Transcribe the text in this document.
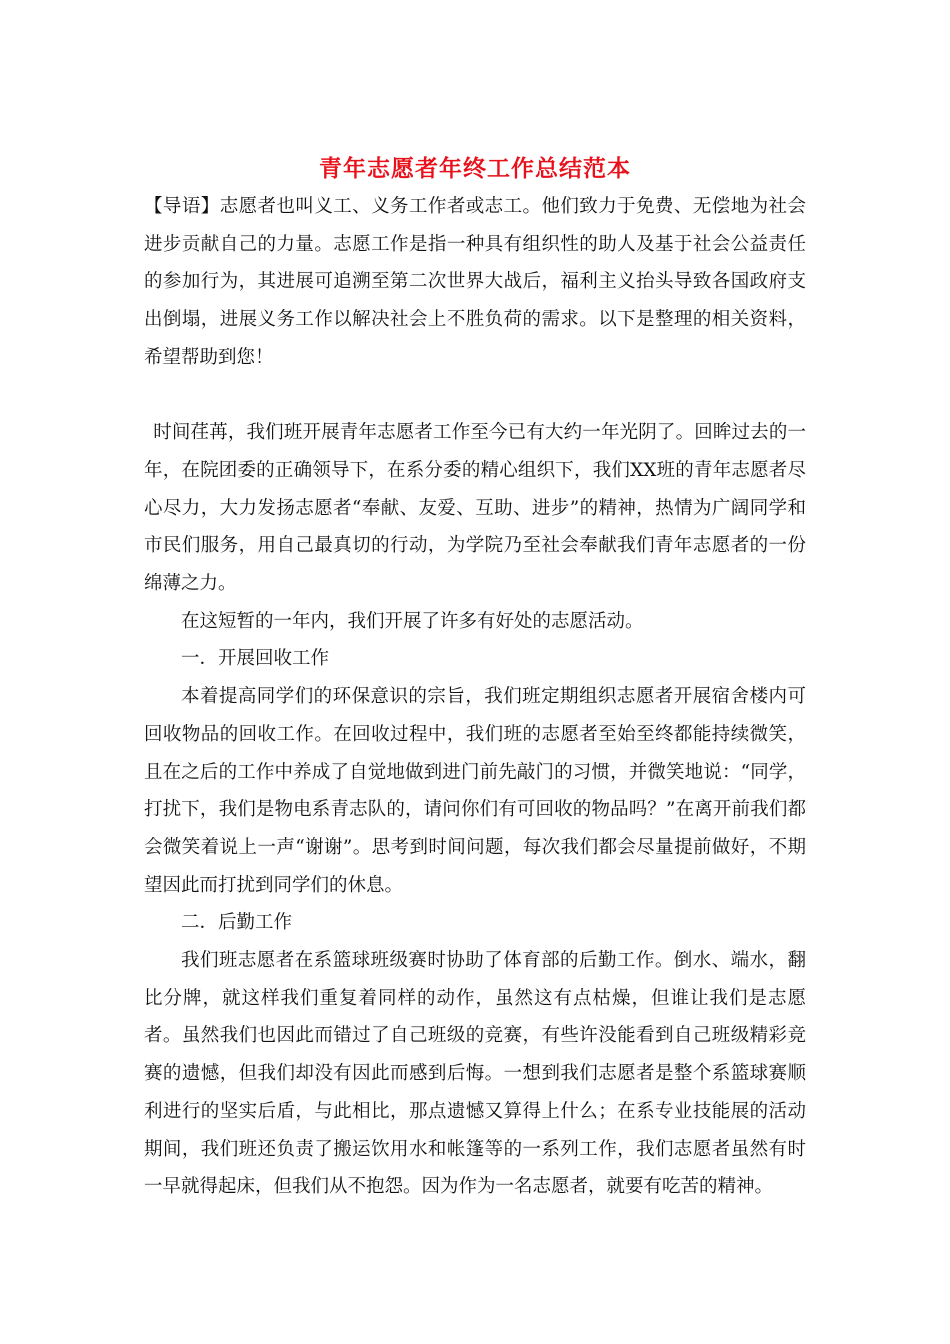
青年志愿者年终工作总结范本

【导语】志愿者也叫义工、义务工作者或志工。他们致力于免费、无偿地为社会进步贡献自己的力量。志愿工作是指一种具有组织性的助人及基于社会公益责任的参加行为，其进展可追溯至第二次世界大战后，福利主义抬头导致各国政府支出倒塌，进展义务工作以解决社会上不胜负荷的需求。以下是整理的相关资料，希望帮助到您！

时间荏苒，我们班开展青年志愿者工作至今已有大约一年光阴了。回眸过去的一年，在院团委的正确领导下，在系分委的精心组织下，我们XX班的青年志愿者尽心尽力，大力发扬志愿者“奉献、友爱、互助、进步”的精神，热情为广阔同学和市民们服务，用自己最真切的行动，为学院乃至社会奉献我们青年志愿者的一份绵薄之力。

在这短暂的一年内，我们开展了许多有好处的志愿活动。

一．开展回收工作

本着提高同学们的环保意识的宗旨，我们班定期组织志愿者开展宿舍楼内可回收物品的回收工作。在回收过程中，我们班的志愿者至始至终都能持续微笑，且在之后的工作中养成了自觉地做到进门前先敲门的习惯，并微笑地说：“同学，打扰下，我们是物电系青志队的，请问你们有可回收的物品吗？”在离开前我们都会微笑着说上一声“谢谢”。思考到时间问题，每次我们都会尽量提前做好，不期望因此而打扰到同学们的休息。

二．后勤工作

我们班志愿者在系篮球班级赛时协助了体育部的后勤工作。倒水、端水，翻比分牌，就这样我们重复着同样的动作，虽然这有点枯燥，但谁让我们是志愿者。虽然我们也因此而错过了自己班级的竞赛，有些许没能看到自己班级精彩竞赛的遗憾，但我们却没有因此而感到后悔。一想到我们志愿者是整个系篮球赛顺利进行的坚实后盾，与此相比，那点遗憾又算得上什么；在系专业技能展的活动期间，我们班还负责了搬运饮用水和帐篷等的一系列工作，我们志愿者虽然有时一早就得起床，但我们从不抱怨。因为作为一名志愿者，就要有吃苦的精神。
